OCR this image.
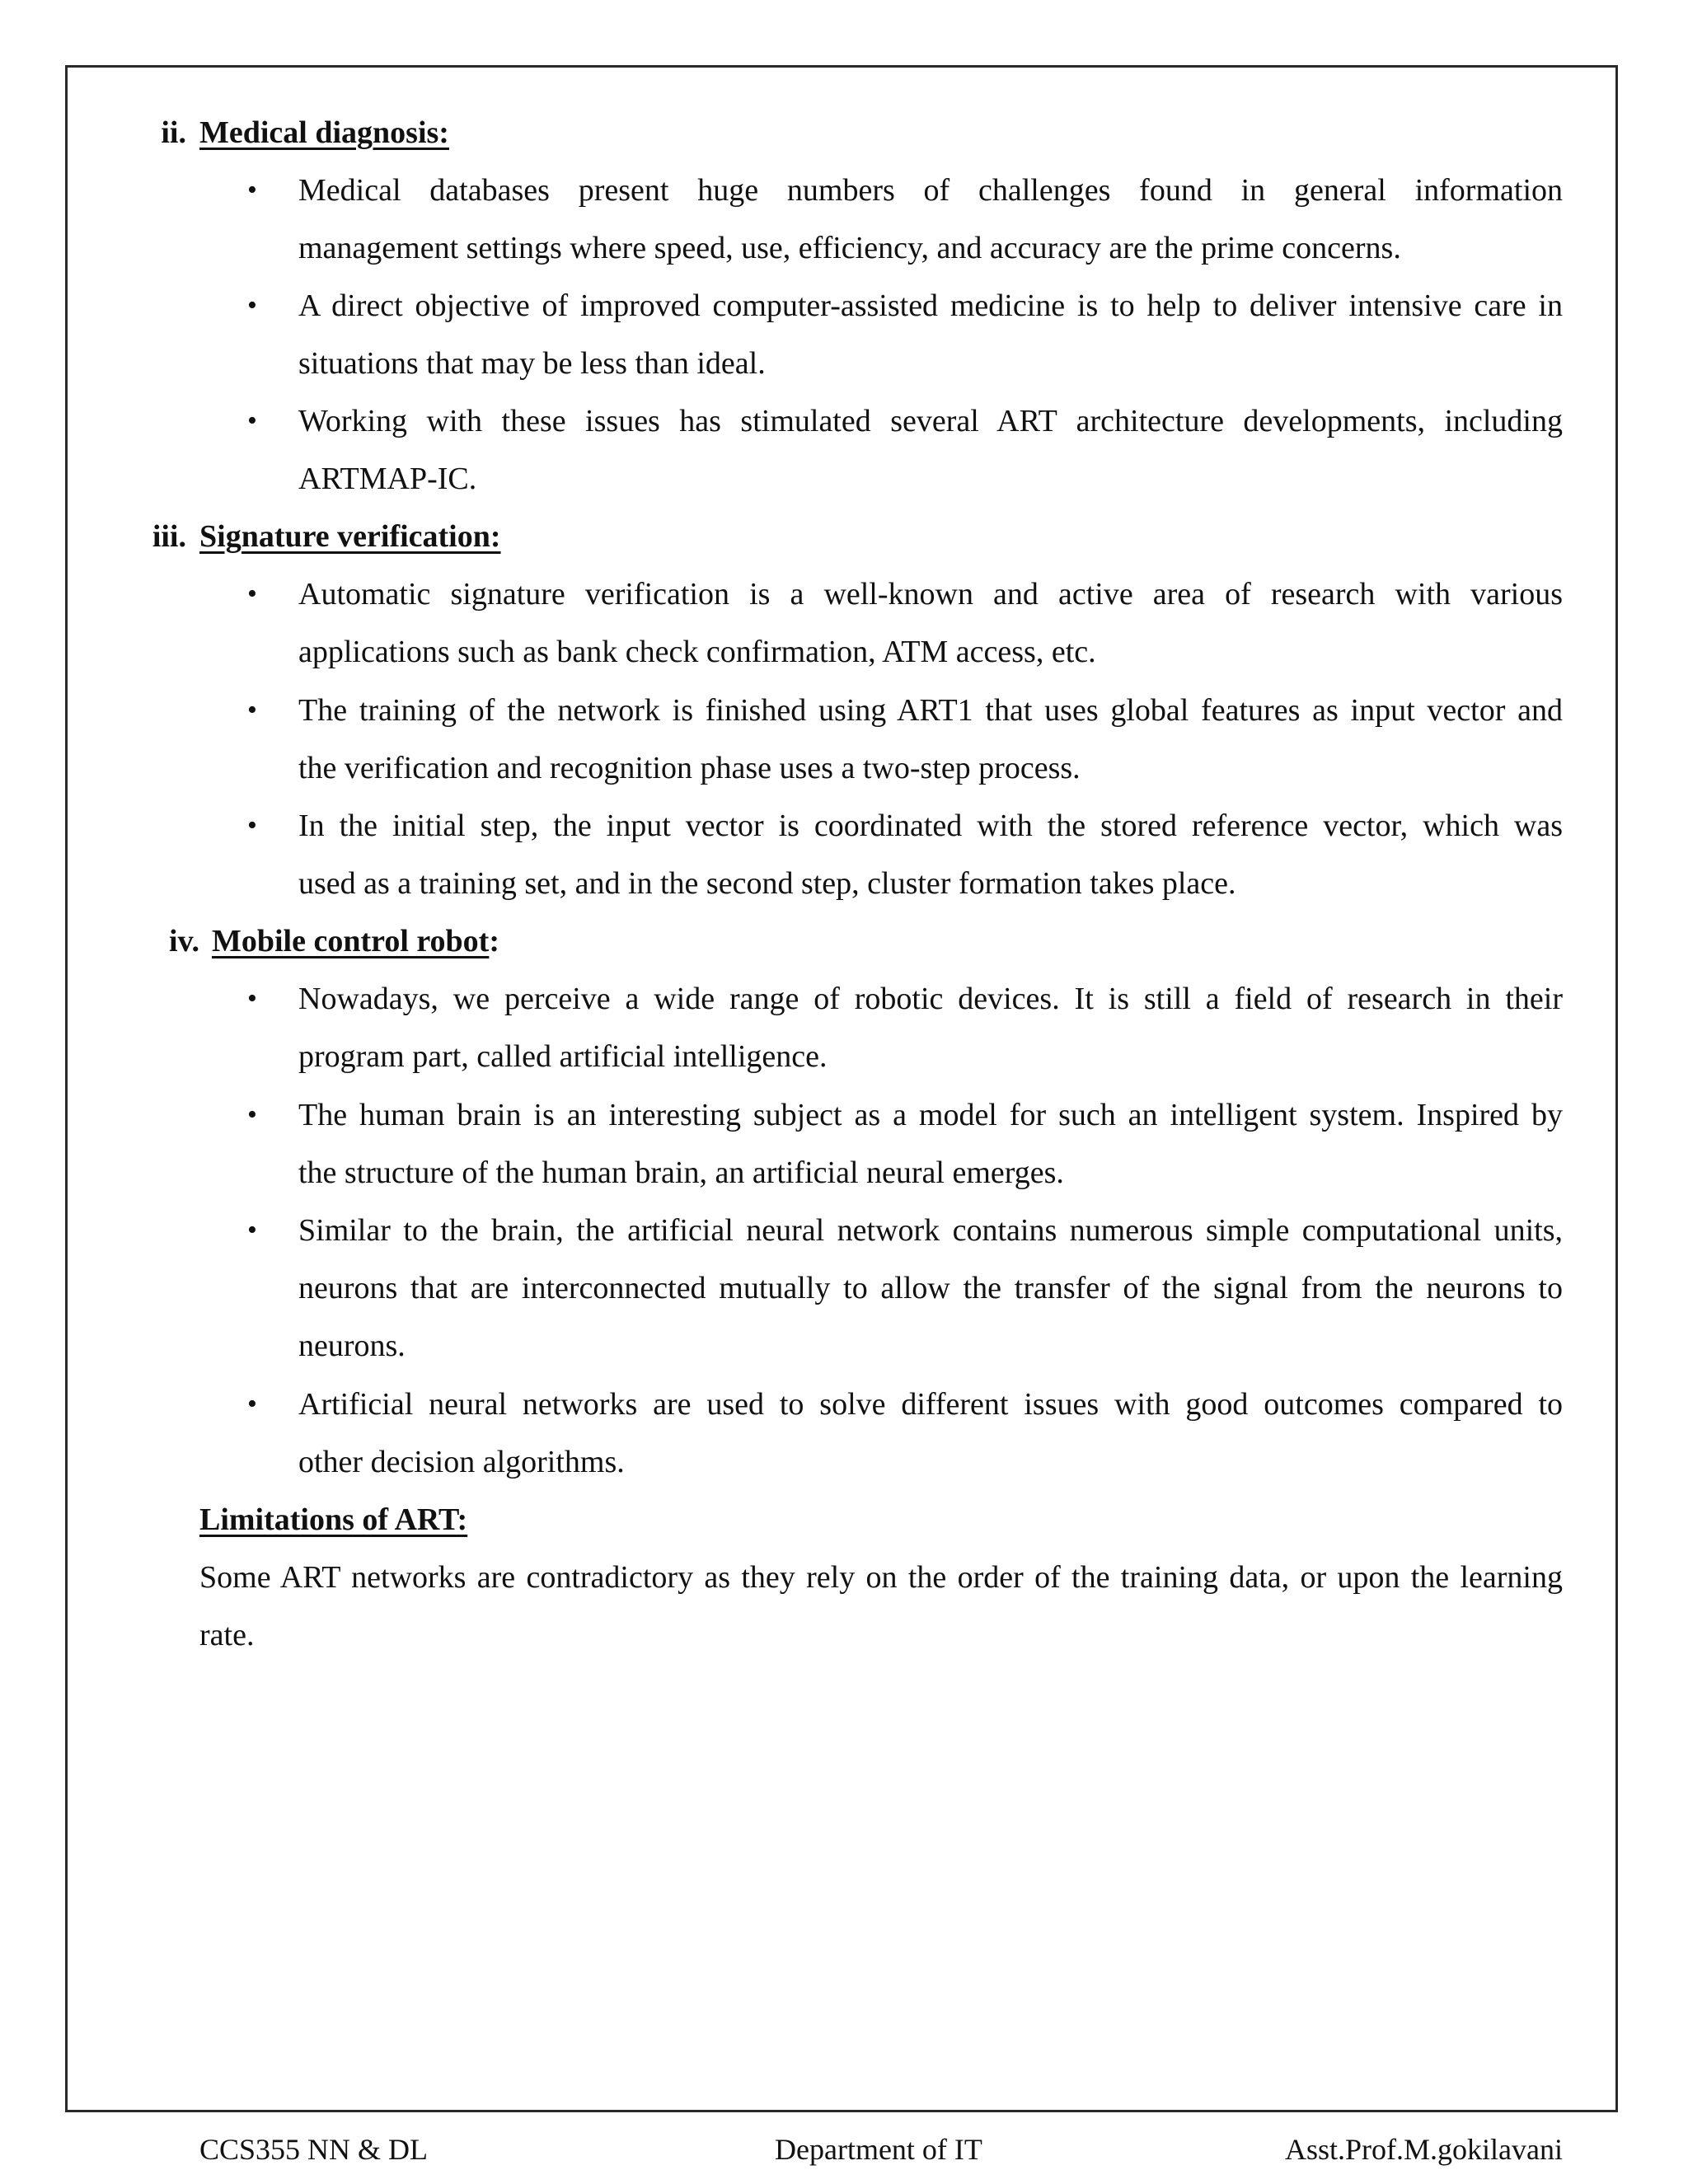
ii. Medical diagnosis:
• Medical databases present huge numbers of challenges found in general information
management settings where speed, use, efficiency, and accuracy are the prime concerns.
• A direct objective of improved computer-assisted medicine is to help to deliver intensive care in
situations that may be less than ideal.
• Working with these issues has stimulated several ART architecture developments, including
ARTMAP-IC.
iii. Signature verification:
• Automatic signature verification is a well-known and active area of research with various
applications such as bank check confirmation, ATM access, etc.
• The training of the network is finished using ART1 that uses global features as input vector and
the verification and recognition phase uses a two-step process.
• In the initial step, the input vector is coordinated with the stored reference vector, which was
used as a training set, and in the second step, cluster formation takes place.
iv. Mobile control robot:
• Nowadays, we perceive a wide range of robotic devices. It is still a field of research in their
program part, called artificial intelligence.
• The human brain is an interesting subject as a model for such an intelligent system. Inspired by
the structure of the human brain, an artificial neural emerges.
• Similar to the brain, the artificial neural network contains numerous simple computational units,
neurons that are interconnected mutually to allow the transfer of the signal from the neurons to
neurons.
• Artificial neural networks are used to solve different issues with good outcomes compared to
other decision algorithms.
Limitations of ART:
Some ART networks are contradictory as they rely on the order of the training data, or upon the learning
rate.
CCS355 NN & DL	Department of IT	Asst.Prof.M.gokilavani
